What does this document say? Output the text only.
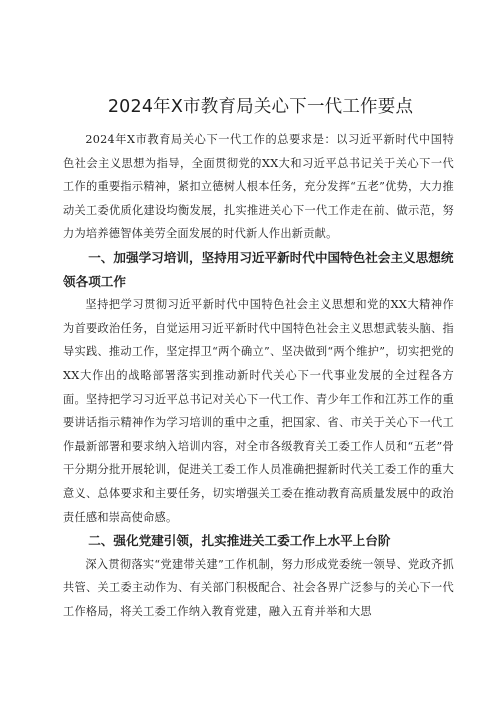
2024年X市教育局关心下一代工作要点

2024年X市教育局关心下一代工作的总要求是：以习近平新时代中国特色社会主义思想为指导，全面贯彻党的XX大和习近平总书记关于关心下一代工作的重要指示精神，紧扣立德树人根本任务，充分发挥“五老”优势，大力推动关工委优质化建设均衡发展，扎实推进关心下一代工作走在前、做示范，努力为培养德智体美劳全面发展的时代新人作出新贡献。

一、加强学习培训，坚持用习近平新时代中国特色社会主义思想统领各项工作

坚持把学习贯彻习近平新时代中国特色社会主义思想和党的XX大精神作为首要政治任务，自觉运用习近平新时代中国特色社会主义思想武装头脑、指导实践、推动工作，坚定捍卫“两个确立”、坚决做到“两个维护”，切实把党的XX大作出的战略部署落实到推动新时代关心下一代事业发展的全过程各方面。坚持把学习习近平总书记对关心下一代工作、青少年工作和江苏工作的重要讲话指示精神作为学习培训的重中之重，把国家、省、市关于关心下一代工作最新部署和要求纳入培训内容，对全市各级教育关工委工作人员和“五老”骨干分期分批开展轮训，促进关工委工作人员准确把握新时代关工委工作的重大意义、总体要求和主要任务，切实增强关工委在推动教育高质量发展中的政治责任感和崇高使命感。

二、强化党建引领，扎实推进关工委工作上水平上台阶

深入贯彻落实“党建带关建”工作机制，努力形成党委统一领导、党政齐抓共管、关工委主动作为、有关部门积极配合、社会各界广泛参与的关心下一代工作格局，将关工委工作纳入教育党建，融入五育并举和大思
